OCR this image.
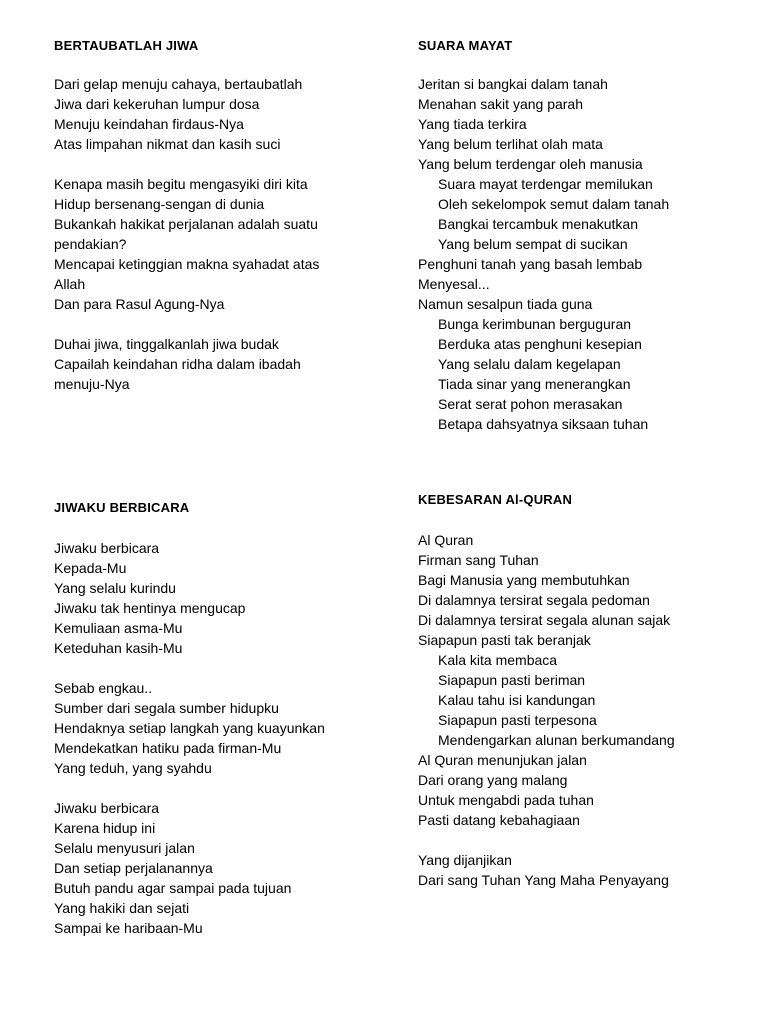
BERTAUBATLAH JIWA
Dari gelap menuju cahaya, bertaubatlah
Jiwa dari kekeruhan lumpur dosa
Menuju keindahan firdaus-Nya
Atas limpahan nikmat dan kasih suci
Kenapa masih begitu mengasyiki diri kita
Hidup bersenang-sengan di dunia
Bukankah hakikat perjalanan adalah suatu
pendakian?
Mencapai ketinggian makna syahadat atas
Allah
Dan para Rasul Agung-Nya
Duhai jiwa, tinggalkanlah jiwa budak
Capailah keindahan ridha dalam ibadah
menuju-Nya
SUARA MAYAT
Jeritan si bangkai dalam tanah
Menahan sakit yang parah
Yang tiada terkira
Yang belum terlihat olah mata
Yang belum terdengar oleh manusia
Suara mayat terdengar memilukan
Oleh sekelompok semut dalam tanah
Bangkai tercambuk menakutkan
Yang belum sempat di sucikan
Penghuni tanah yang basah lembab
Menyesal...
Namun sesalpun tiada guna
Bunga kerimbunan berguguran
Berduka atas penghuni kesepian
Yang selalu dalam kegelapan
Tiada sinar yang menerangkan
Serat serat pohon merasakan
Betapa dahsyatnya siksaan tuhan
JIWAKU BERBICARA
Jiwaku berbicara
Kepada-Mu
Yang selalu kurindu
Jiwaku tak hentinya mengucap
Kemuliaan asma-Mu
Keteduhan kasih-Mu
Sebab engkau..
Sumber dari segala sumber hidupku
Hendaknya setiap langkah yang kuayunkan
Mendekatkan hatiku pada firman-Mu
Yang teduh, yang syahdu
Jiwaku berbicara
Karena hidup ini
Selalu menyusuri jalan
Dan setiap perjalanannya
Butuh pandu agar sampai pada tujuan
Yang hakiki dan sejati
Sampai ke haribaan-Mu
KEBESARAN Al-QURAN
Al Quran
Firman sang Tuhan
Bagi Manusia yang membutuhkan
Di dalamnya tersirat segala pedoman
Di dalamnya tersirat segala alunan sajak
Siapapun pasti tak beranjak
Kala kita membaca
Siapapun pasti beriman
Kalau tahu isi kandungan
Siapapun pasti terpesona
Mendengarkan alunan berkumandang
Al Quran menunjukan jalan
Dari orang yang malang
Untuk mengabdi pada tuhan
Pasti datang kebahagiaan
Yang dijanjikan
Dari sang Tuhan Yang Maha Penyayang
